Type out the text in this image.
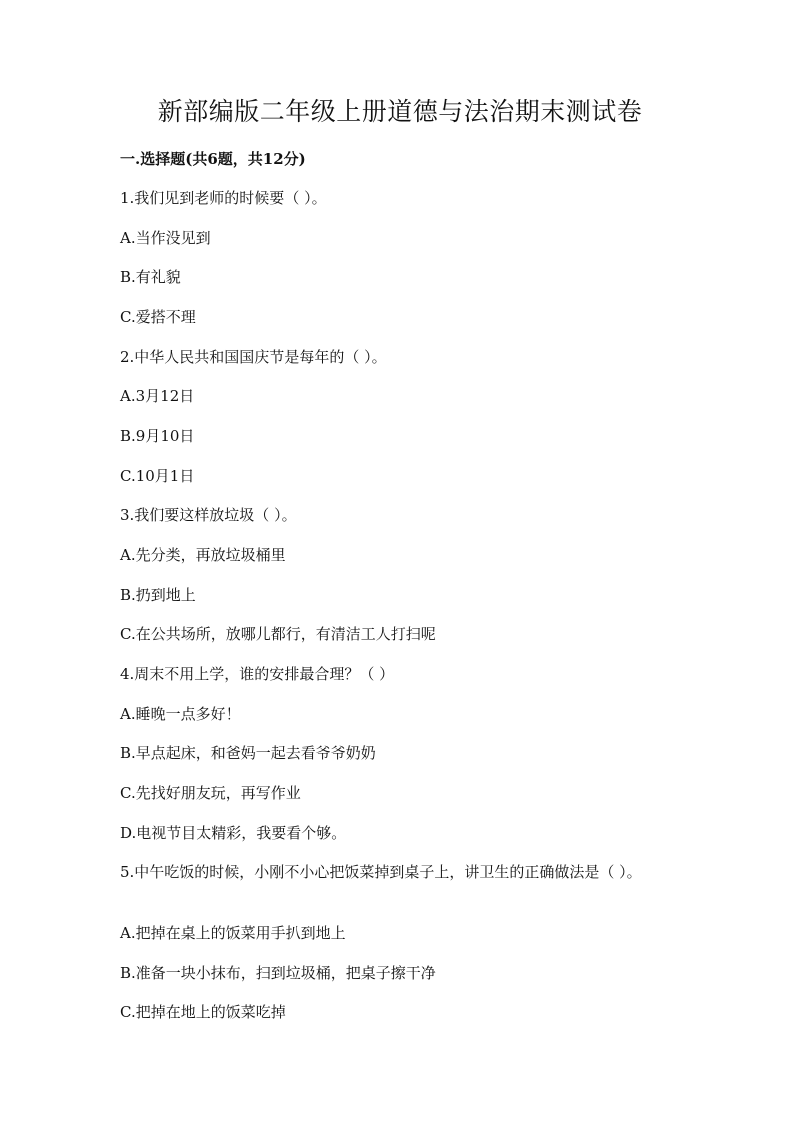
新部编版二年级上册道德与法治期末测试卷
一.选择题(共6题，共12分)
1.我们见到老师的时候要（ ）。
A.当作没见到
B.有礼貌
C.爱搭不理
2.中华人民共和国国庆节是每年的（ ）。
A.3月12日
B.9月10日
C.10月1日
3.我们要这样放垃圾（ ）。
A.先分类，再放垃圾桶里
B.扔到地上
C.在公共场所，放哪儿都行，有清洁工人打扫呢
4.周末不用上学，谁的安排最合理？（ ）
A.睡晚一点多好！
B.早点起床，和爸妈一起去看爷爷奶奶
C.先找好朋友玩，再写作业
D.电视节目太精彩，我要看个够。
5.中午吃饭的时候，小刚不小心把饭菜掉到桌子上，讲卫生的正确做法是（ ）。
A.把掉在桌上的饭菜用手扒到地上
B.准备一块小抹布，扫到垃圾桶，把桌子擦干净
C.把掉在地上的饭菜吃掉
